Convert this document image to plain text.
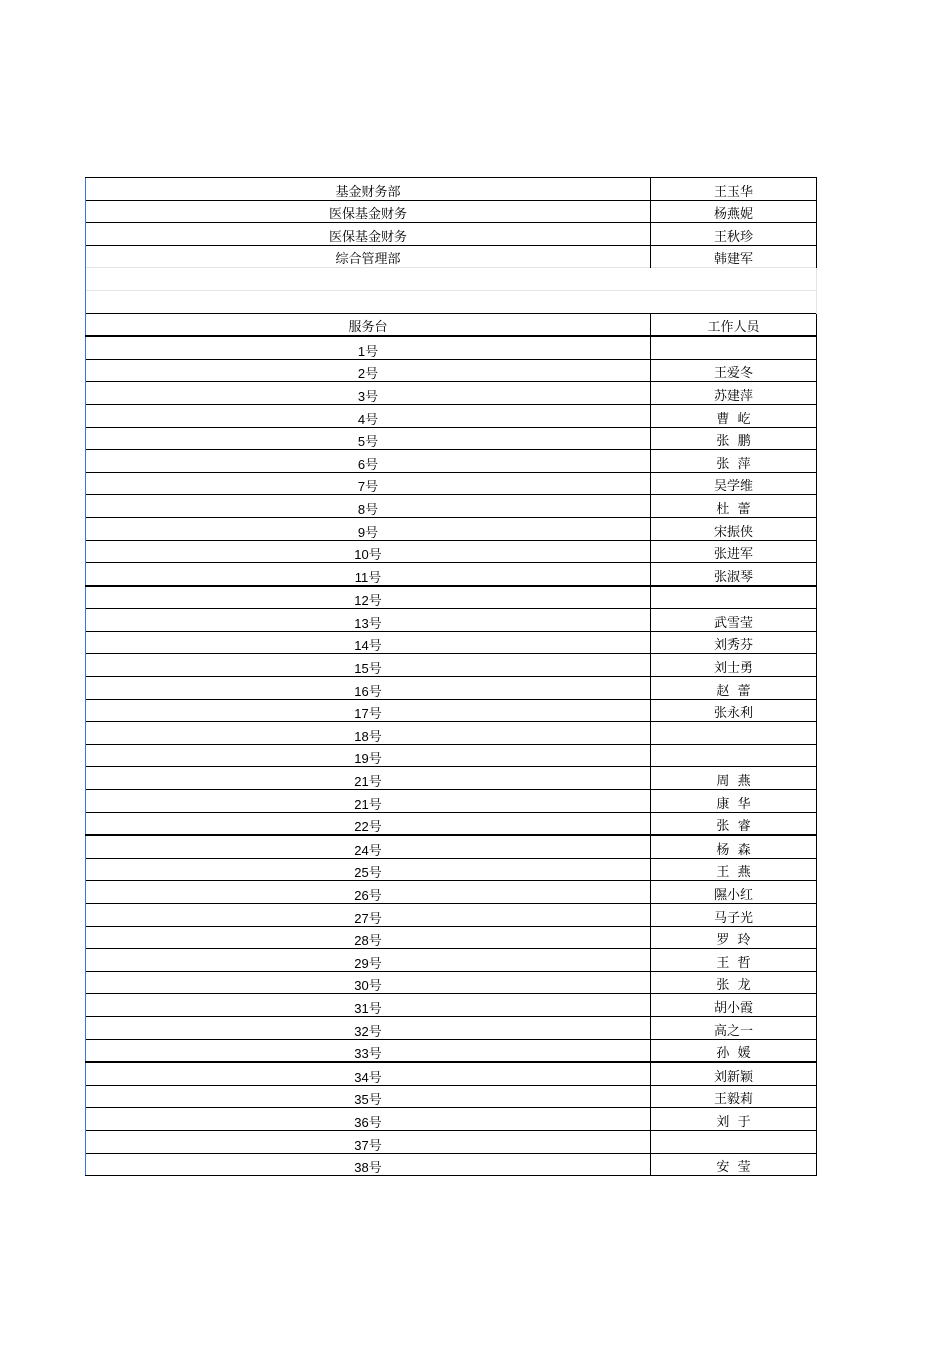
基金财务部	王玉华
医保基金财务	杨燕妮
医保基金财务	王秋珍
综合管理部	韩建军

服务台	工作人员
1号	
2号	王爱冬
3号	苏建萍
4号	曹  屹
5号	张  鹏
6号	张  萍
7号	吴学维
8号	杜  蕾
9号	宋振侠
10号	张进军
11号	张淑琴
12号	
13号	武雪莹
14号	刘秀芬
15号	刘士勇
16号	赵  蕾
17号	张永利
18号	
19号	
21号	周  燕
21号	康  华
22号	张  睿
24号	杨  森
25号	王  燕
26号	隰小红
27号	马子光
28号	罗  玲
29号	王  哲
30号	张  龙
31号	胡小霞
32号	高之一
33号	孙  媛
34号	刘新颖
35号	王毅莉
36号	刘  于
37号	
38号	安  莹
